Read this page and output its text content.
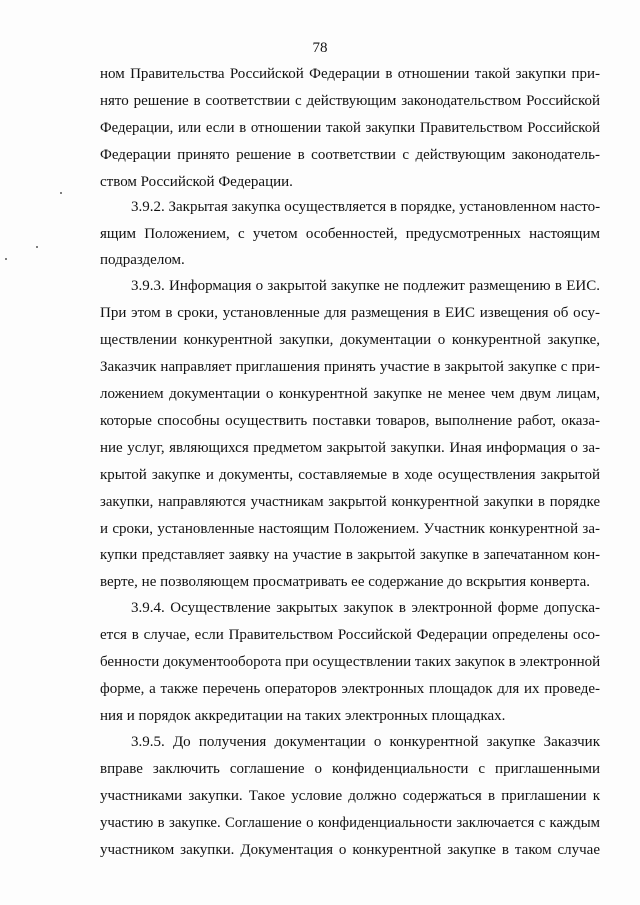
78
ном Правительства Российской Федерации в отношении такой закупки при-
нято решение в соответствии с действующим законодательством Российской
Федерации, или если в отношении такой закупки Правительством Российской
Федерации принято решение в соответствии с действующим законодатель-
ством Российской Федерации.
3.9.2. Закрытая закупка осуществляется в порядке, установленном насто-
ящим Положением, с учетом особенностей, предусмотренных настоящим
подразделом.
3.9.3. Информация о закрытой закупке не подлежит размещению в ЕИС.
При этом в сроки, установленные для размещения в ЕИС извещения об осу-
ществлении конкурентной закупки, документации о конкурентной закупке,
Заказчик направляет приглашения принять участие в закрытой закупке с при-
ложением документации о конкурентной закупке не менее чем двум лицам,
которые способны осуществить поставки товаров, выполнение работ, оказа-
ние услуг, являющихся предметом закрытой закупки. Иная информация о за-
крытой закупке и документы, составляемые в ходе осуществления закрытой
закупки, направляются участникам закрытой конкурентной закупки в порядке
и сроки, установленные настоящим Положением. Участник конкурентной за-
купки представляет заявку на участие в закрытой закупке в запечатанном кон-
верте, не позволяющем просматривать ее содержание до вскрытия конверта.
3.9.4. Осуществление закрытых закупок в электронной форме допуска-
ется в случае, если Правительством Российской Федерации определены осо-
бенности документооборота при осуществлении таких закупок в электронной
форме, а также перечень операторов электронных площадок для их проведе-
ния и порядок аккредитации на таких электронных площадках.
3.9.5. До получения документации о конкурентной закупке Заказчик
вправе заключить соглашение о конфиденциальности с приглашенными
участниками закупки. Такое условие должно содержаться в приглашении к
участию в закупке. Соглашение о конфиденциальности заключается с каждым
участником закупки. Документация о конкурентной закупке в таком случае
